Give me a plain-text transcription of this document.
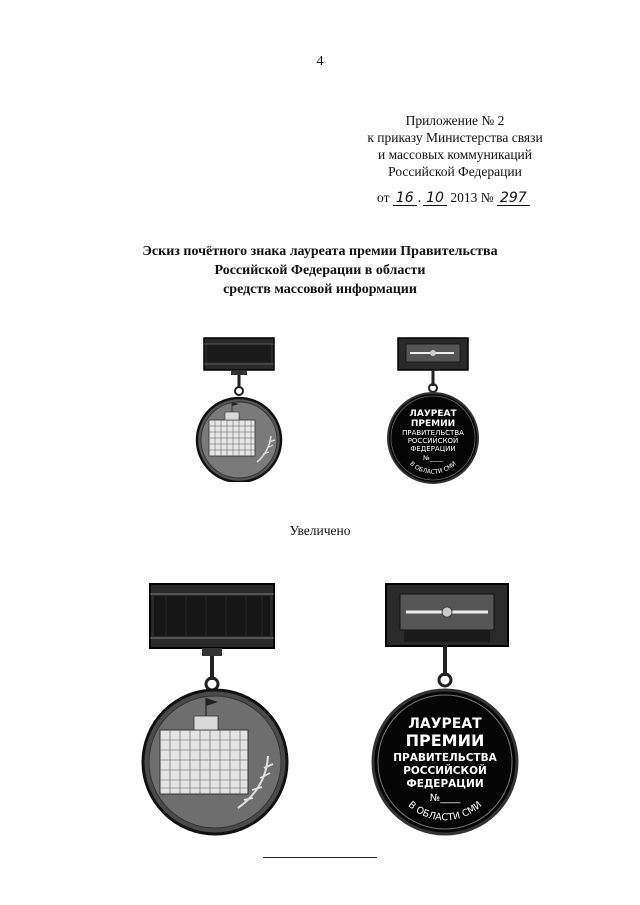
4
Приложение № 2
к приказу Министерства связи
и массовых коммуникаций
Российской Федерации
от 16 . 10 2013 № 297
Эскиз почётного знака лауреата премии Правительства
Российской Федерации в области
средств массовой информации
ЛАУРЕАТ
ПРЕМИИ
ПРАВИТЕЛЬСТВА
РОССИЙСКОЙ
ФЕДЕРАЦИИ
№____
В ОБЛАСТИ СМИ
Увеличено
ЛАУРЕАТ
ПРЕМИИ
ПРАВИТЕЛЬСТВА
РОССИЙСКОЙ
ФЕДЕРАЦИИ
№____
В ОБЛАСТИ СМИ
